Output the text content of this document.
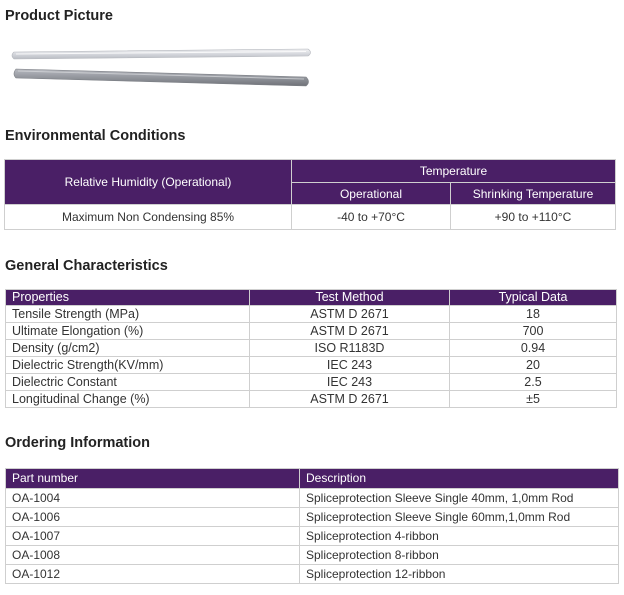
Product Picture
Environmental Conditions
Relative Humidity (Operational)	Temperature	
	Operational	Shrinking Temperature
Maximum Non Condensing 85%	-40 to +70°C	+90 to +110°C
General Characteristics
Properties	Test Method	Typical Data
Tensile Strength (MPa)	ASTM D 2671	18
Ultimate Elongation (%)	ASTM D 2671	700
Density (g/cm2)	ISO R1183D	0.94
Dielectric Strength(KV/mm)	IEC 243	20
Dielectric Constant	IEC 243	2.5
Longitudinal Change (%)	ASTM D 2671	±5
Ordering Information
Part number	Description
OA-1004	Spliceprotection Sleeve Single 40mm, 1,0mm Rod
OA-1006	Spliceprotection Sleeve Single 60mm,1,0mm Rod
OA-1007	Spliceprotection 4-ribbon
OA-1008	Spliceprotection 8-ribbon
OA-1012	Spliceprotection 12-ribbon
